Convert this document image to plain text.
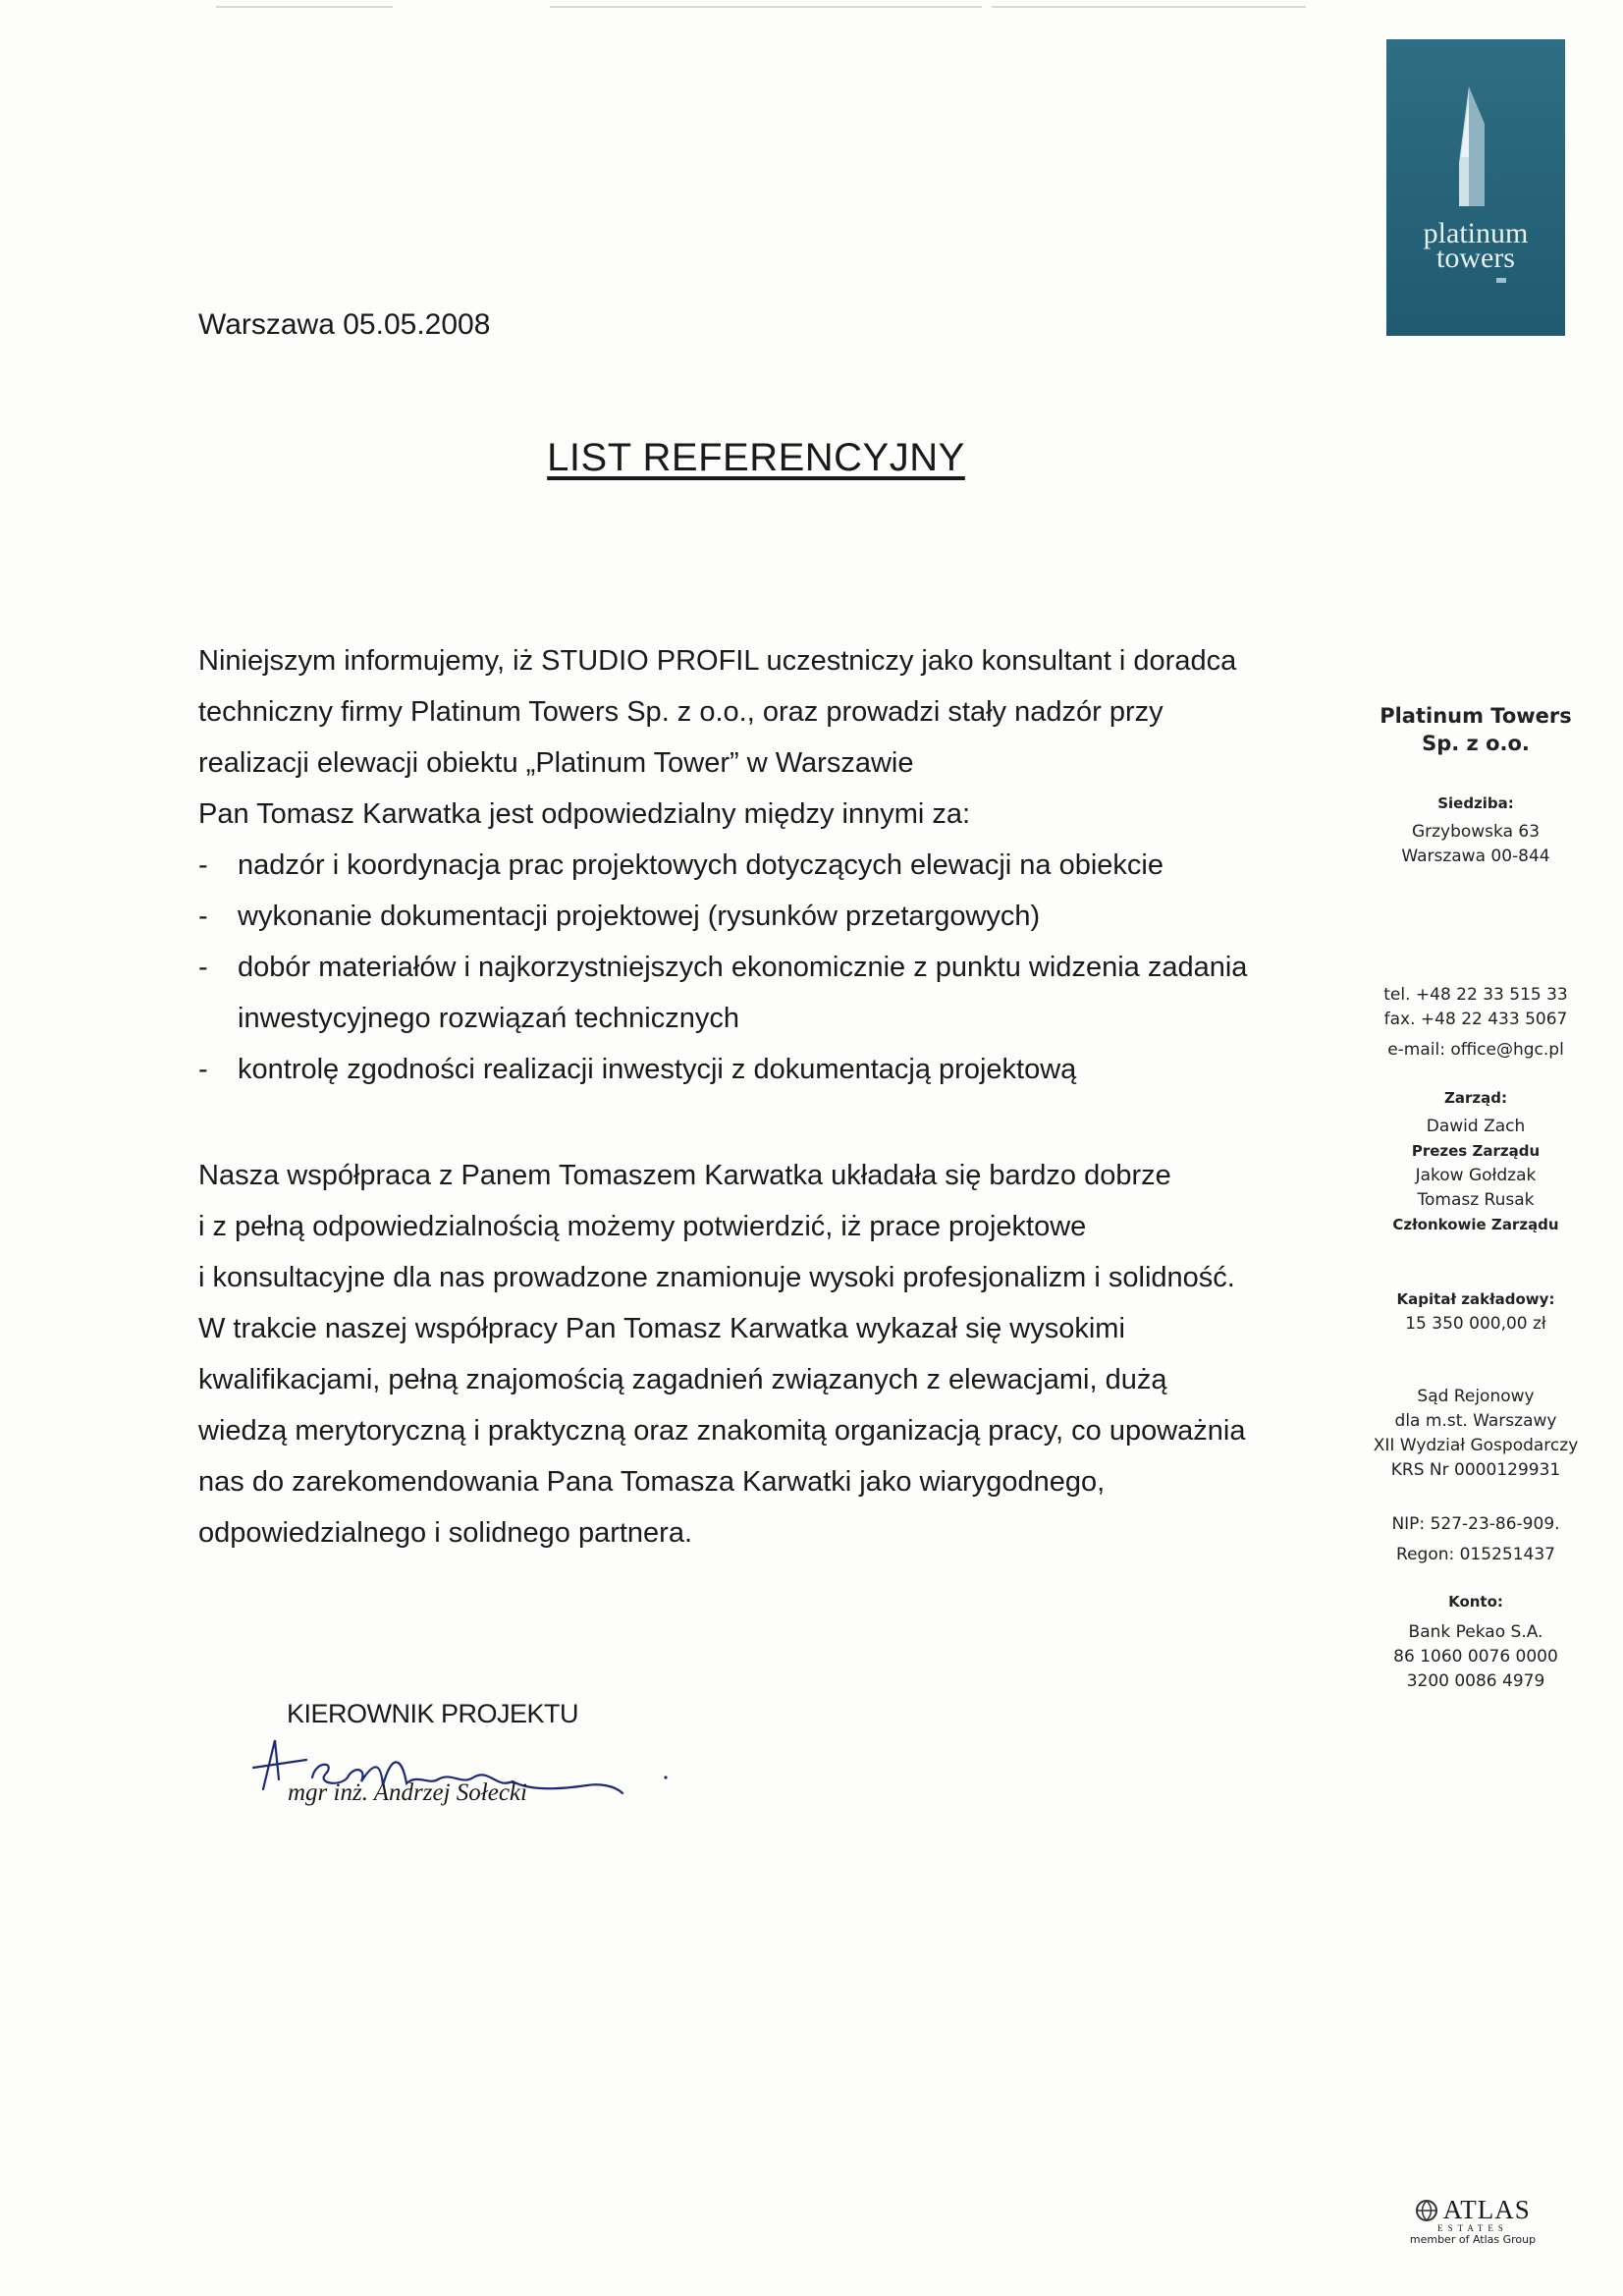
platinum
towers
Warszawa 05.05.2008
LIST REFERENCYJNY
Niniejszym informujemy, iż STUDIO PROFIL uczestniczy jako konsultant i doradca
techniczny firmy Platinum Towers Sp. z o.o., oraz prowadzi stały nadzór przy
realizacji elewacji obiektu „Platinum Tower” w Warszawie
Pan Tomasz Karwatka jest odpowiedzialny między innymi za:
- nadzór i koordynacja prac projektowych dotyczących elewacji na obiekcie
- wykonanie dokumentacji projektowej (rysunków przetargowych)
- dobór materiałów i najkorzystniejszych ekonomicznie z punktu widzenia zadania
inwestycyjnego rozwiązań technicznych
- kontrolę zgodności realizacji inwestycji z dokumentacją projektową
Nasza współpraca z Panem Tomaszem Karwatka układała się bardzo dobrze
i z pełną odpowiedzialnością możemy potwierdzić, iż prace projektowe
i konsultacyjne dla nas prowadzone znamionuje wysoki profesjonalizm i solidność.
W trakcie naszej współpracy Pan Tomasz Karwatka wykazał się wysokimi
kwalifikacjami, pełną znajomością zagadnień związanych z elewacjami, dużą
wiedzą merytoryczną i praktyczną oraz znakomitą organizacją pracy, co upoważnia
nas do zarekomendowania Pana Tomasza Karwatki jako wiarygodnego,
odpowiedzialnego i solidnego partnera.
KIEROWNIK PROJEKTU
mgr inż. Andrzej Sołecki
Platinum Towers
Sp. z o.o.
Siedziba:
Grzybowska 63
Warszawa 00-844
tel. +48 22 33 515 33
fax. +48 22 433 5067
e-mail: office@hgc.pl
Zarząd:
Dawid Zach
Prezes Zarządu
Jakow Gołdzak
Tomasz Rusak
Członkowie Zarządu
Kapitał zakładowy:
15 350 000,00 zł
Sąd Rejonowy
dla m.st. Warszawy
XII Wydział Gospodarczy
KRS Nr 0000129931
NIP: 527-23-86-909.
Regon: 015251437
Konto:
Bank Pekao S.A.
86 1060 0076 0000
3200 0086 4979
ATLAS
ESTATES
member of Atlas Group
